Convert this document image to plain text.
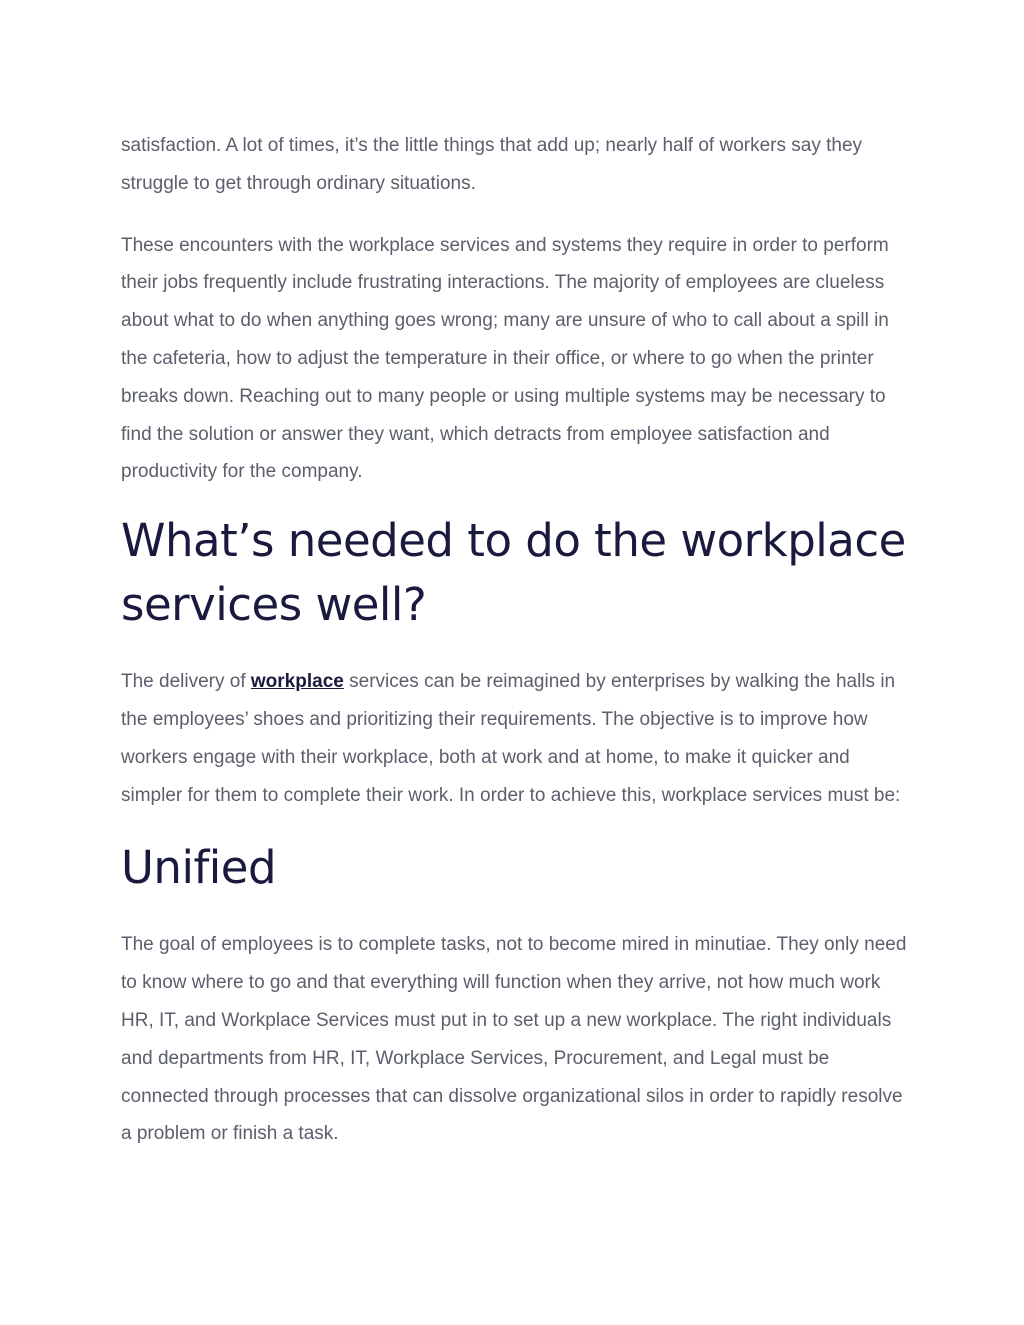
satisfaction. A lot of times, it’s the little things that add up; nearly half of workers say they struggle to get through ordinary situations.

These encounters with the workplace services and systems they require in order to perform their jobs frequently include frustrating interactions. The majority of employees are clueless about what to do when anything goes wrong; many are unsure of who to call about a spill in the cafeteria, how to adjust the temperature in their office, or where to go when the printer breaks down. Reaching out to many people or using multiple systems may be necessary to find the solution or answer they want, which detracts from employee satisfaction and productivity for the company.

What’s needed to do the workplace services well?

The delivery of workplace services can be reimagined by enterprises by walking the halls in the employees’ shoes and prioritizing their requirements. The objective is to improve how workers engage with their workplace, both at work and at home, to make it quicker and simpler for them to complete their work. In order to achieve this, workplace services must be:

Unified

The goal of employees is to complete tasks, not to become mired in minutiae. They only need to know where to go and that everything will function when they arrive, not how much work HR, IT, and Workplace Services must put in to set up a new workplace. The right individuals and departments from HR, IT, Workplace Services, Procurement, and Legal must be connected through processes that can dissolve organizational silos in order to rapidly resolve a problem or finish a task.
